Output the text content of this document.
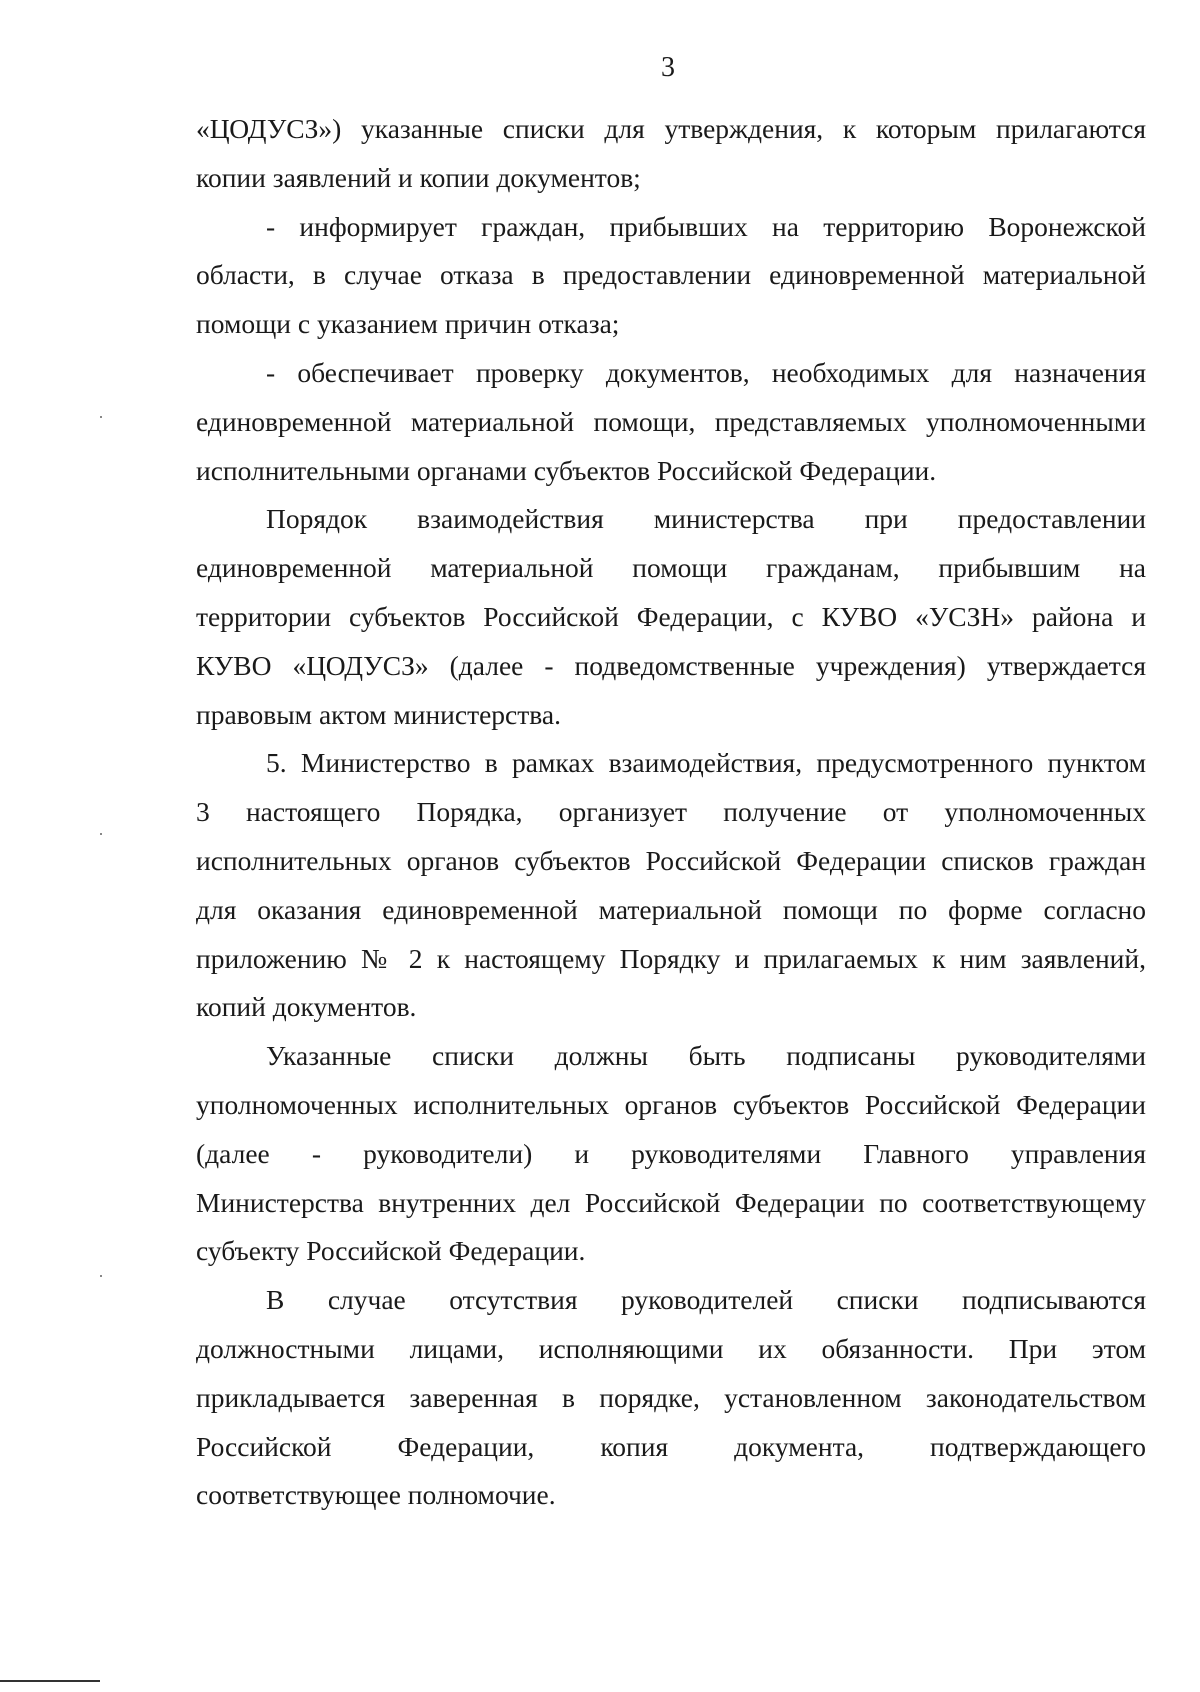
3
«ЦОДУСЗ») указанные списки для утверждения, к которым прилагаются
копии заявлений и копии документов;
- информирует граждан, прибывших на территорию Воронежской
области, в случае отказа в предоставлении единовременной материальной
помощи с указанием причин отказа;
- обеспечивает проверку документов, необходимых для назначения
единовременной материальной помощи, представляемых уполномоченными
исполнительными органами субъектов Российской Федерации.
Порядок взаимодействия министерства при предоставлении
единовременной материальной помощи гражданам, прибывшим на
территории субъектов Российской Федерации, с КУВО «УСЗН» района и
КУВО «ЦОДУСЗ» (далее - подведомственные учреждения) утверждается
правовым актом министерства.
5. Министерство в рамках взаимодействия, предусмотренного пунктом
3 настоящего Порядка, организует получение от уполномоченных
исполнительных органов субъектов Российской Федерации списков граждан
для оказания единовременной материальной помощи по форме согласно
приложению № 2 к настоящему Порядку и прилагаемых к ним заявлений,
копий документов.
Указанные списки должны быть подписаны руководителями
уполномоченных исполнительных органов субъектов Российской Федерации
(далее - руководители) и руководителями Главного управления
Министерства внутренних дел Российской Федерации по соответствующему
субъекту Российской Федерации.
В случае отсутствия руководителей списки подписываются
должностными лицами, исполняющими их обязанности. При этом
прикладывается заверенная в порядке, установленном законодательством
Российской Федерации, копия документа, подтверждающего
соответствующее полномочие.
